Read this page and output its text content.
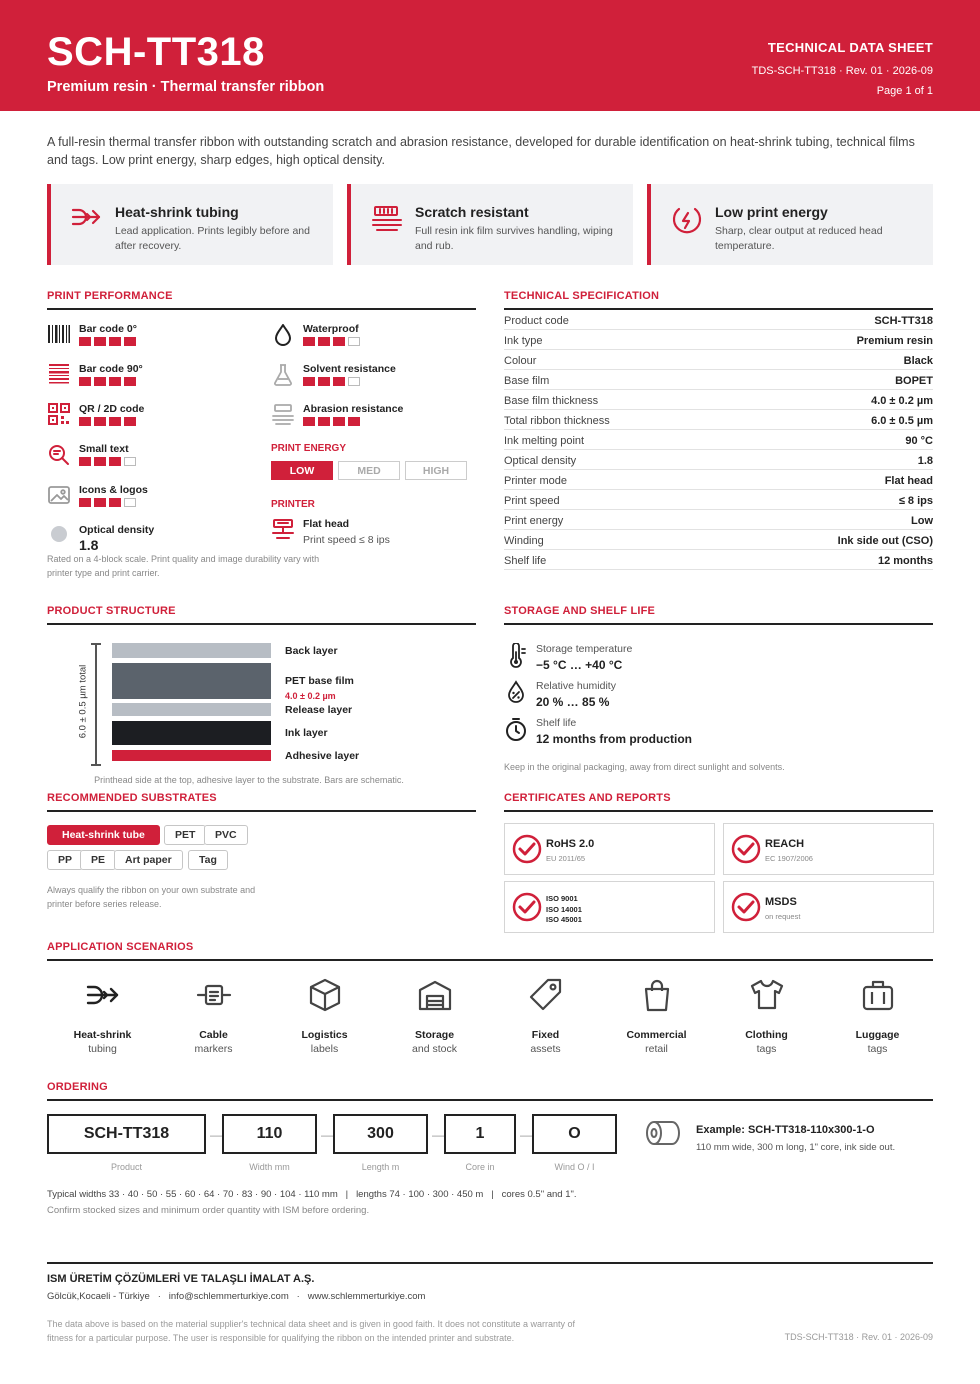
SCH-TT318
Premium resin · Thermal transfer ribbon
TECHNICAL DATA SHEET
TDS-SCH-TT318 · Rev. 01 · 2026-09
Page 1 of 1
A full-resin thermal transfer ribbon with outstanding scratch and abrasion resistance, developed for durable identification on heat-shrink tubing, technical films and tags. Low print energy, sharp edges, high optical density.
Heat-shrink tubing
Lead application. Prints legibly before and after recovery.
Scratch resistant
Full resin ink film survives handling, wiping and rub.
Low print energy
Sharp, clear output at reduced head temperature.
PRINT PERFORMANCE
Bar code 0°
Bar code 90°
QR / 2D code
Small text
Icons & logos
Optical density
1.8
Rated on a 4-block scale. Print quality and image durability vary with printer type and print carrier.
Waterproof
Solvent resistance
Abrasion resistance
PRINT ENERGY
LOW	MED	HIGH
PRINTER
Flat head
Print speed ≤ 8 ips
TECHNICAL SPECIFICATION
Product code	SCH-TT318
Ink type	Premium resin
Colour	Black
Base film	BOPET
Base film thickness	4.0 ± 0.2 µm
Total ribbon thickness	6.0 ± 0.5 µm
Ink melting point	90 °C
Optical density	1.8
Printer mode	Flat head
Print speed	≤ 8 ips
Print energy	Low
Winding	Ink side out (CSO)
Shelf life	12 months
PRODUCT STRUCTURE
6.0 ± 0.5 µm total
Back layer
PET base film
4.0 ± 0.2 µm
Release layer
Ink layer
Adhesive layer
Printhead side at the top, adhesive layer to the substrate. Bars are schematic.
STORAGE AND SHELF LIFE
Storage temperature
−5 °C … +40 °C
Relative humidity
20 % … 85 %
Shelf life
12 months from production
Keep in the original packaging, away from direct sunlight and solvents.
RECOMMENDED SUBSTRATES
Heat-shrink tube	PET	PVC
PP	PE	Art paper	Tag
Always qualify the ribbon on your own substrate and printer before series release.
CERTIFICATES AND REPORTS
RoHS 2.0
EU 2011/65
REACH
EC 1907/2006
ISO 9001
ISO 14001
ISO 45001
MSDS
on request
APPLICATION SCENARIOS
Heat-shrink
tubing
Cable
markers
Logistics
labels
Storage
and stock
Fixed
assets
Commercial
retail
Clothing
tags
Luggage
tags
ORDERING
SCH-TT318	—	110	—	300	—	1	—	O
Product	Width mm	Length m	Core in	Wind O / I
Example: SCH-TT318-110x300-1-O
110 mm wide, 300 m long, 1" core, ink side out.
Typical widths 33 · 40 · 50 · 55 · 60 · 64 · 70 · 83 · 90 · 104 · 110 mm   |   lengths 74 · 100 · 300 · 450 m   |   cores 0.5" and 1".
Confirm stocked sizes and minimum order quantity with ISM before ordering.
ISM ÜRETİM ÇÖZÜMLERİ VE TALAŞLI İMALAT A.Ş.
Gölcük,Kocaeli - Türkiye   ·   info@schlemmerturkiye.com   ·   www.schlemmerturkiye.com
The data above is based on the material supplier's technical data sheet and is given in good faith. It does not constitute a warranty of fitness for a particular purpose. The user is responsible for qualifying the ribbon on the intended printer and substrate.	TDS-SCH-TT318 · Rev. 01 · 2026-09
